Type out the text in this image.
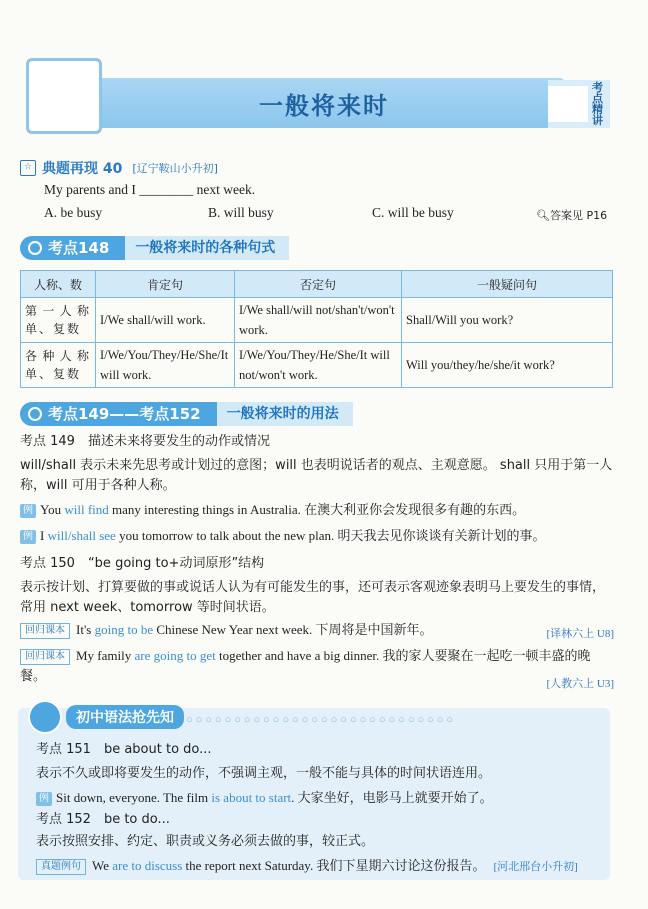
一般将来时
考点精讲
☆ 典题再现 40 [辽宁鞍山小升初]
My parents and I ________ next week.
A. be busy	B. will busy	C. will be busy	🔍︎答案见 P16
考点148	一般将来时的各种句式
人称、数	肯定句	否定句	一般疑问句
第一人称单、复数	I/We shall/will work.	I/We shall/will not/shan't/won't work.	Shall/Will you work?
各种人称单、复数	I/We/You/They/He/She/It will work.	I/We/You/They/He/She/It will not/won't work.	Will you/they/he/she/it work?
考点149——考点152	一般将来时的用法
考点 149　描述未来将要发生的动作或情况
will/shall 表示未来先思考或计划过的意图；will 也表明说话者的观点、主观意愿。 shall 只用于第一人称，will 可用于各种人称。
例 You will find many interesting things in Australia. 在澳大利亚你会发现很多有趣的东西。
例 I will/shall see you tomorrow to talk about the new plan. 明天我去见你谈谈有关新计划的事。
考点 150　“be going to+动词原形”结构
表示按计划、打算要做的事或说话人认为有可能发生的事，还可表示客观迹象表明马上要发生的事情，常用 next week、tomorrow 等时间状语。
回归课本 It's going to be Chinese New Year next week. 下周将是中国新年。	[译林六上 U8]
回归课本 My family are going to get together and have a big dinner. 我的家人要聚在一起吃一顿丰盛的晚餐。
[人教六上 U3]
初中语法抢先知	○○○○○○○○○○○○○○○○○○○○○○○○○○○○
考点 151　be about to do...
表示不久或即将要发生的动作，不强调主观，一般不能与具体的时间状语连用。
例 Sit down, everyone. The film is about to start. 大家坐好，电影马上就要开始了。
考点 152　be to do...
表示按照安排、约定、职责或义务必须去做的事，较正式。
真题例句 We are to discuss the report next Saturday. 我们下星期六讨论这份报告。 [河北邢台小升初]
